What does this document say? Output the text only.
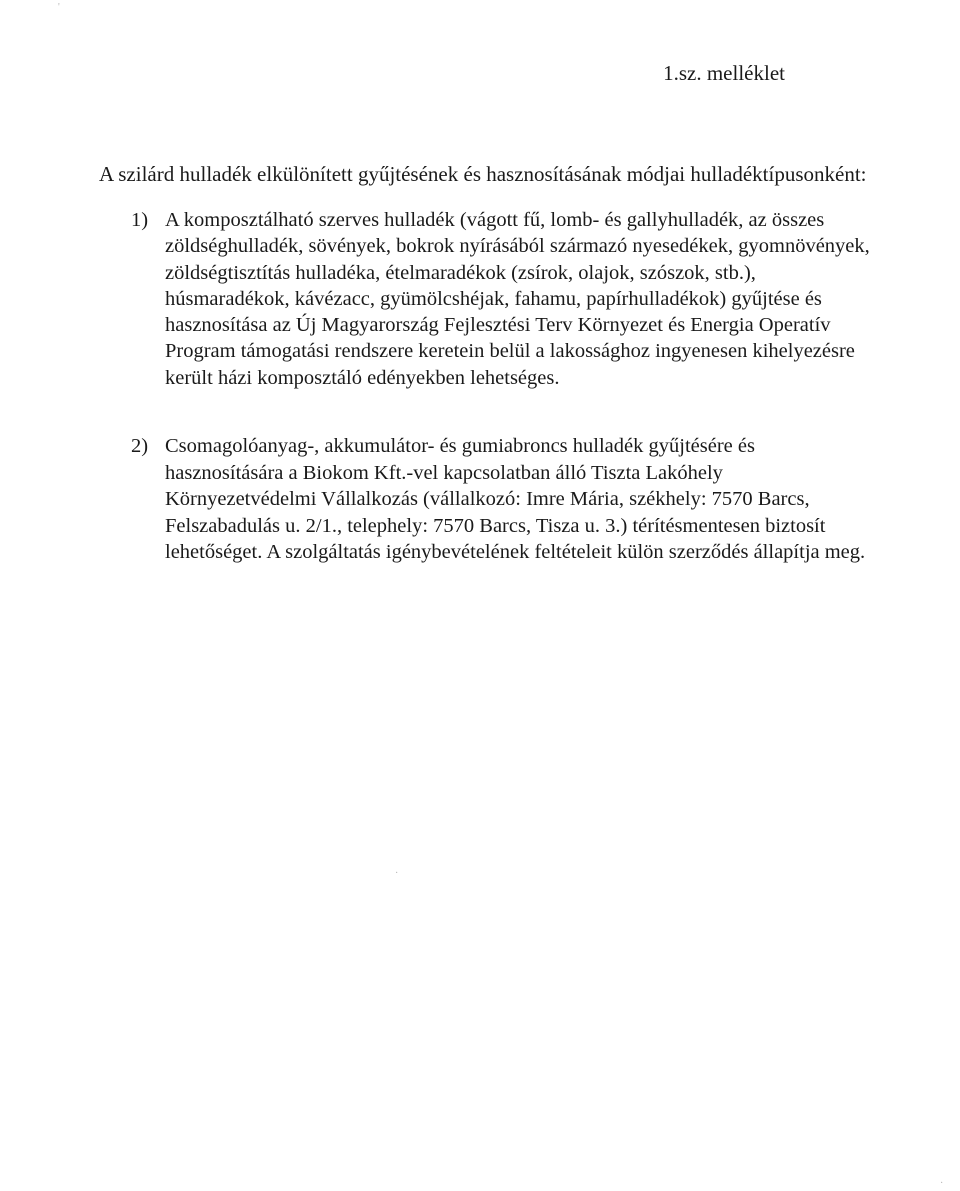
1.sz. melléklet
A szilárd hulladék elkülönített gyűjtésének és hasznosításának módjai hulladéktípusonként:
1) A komposztálható szerves hulladék (vágott fű, lomb- és gallyhulladék, az összes
zöldséghulladék, sövények, bokrok nyírásából származó nyesedékek, gyomnövények,
zöldségtisztítás hulladéka, ételmaradékok (zsírok, olajok, szószok, stb.),
húsmaradékok, kávézacc, gyümölcshéjak, fahamu, papírhulladékok) gyűjtése és
hasznosítása az Új Magyarország Fejlesztési Terv Környezet és Energia Operatív
Program támogatási rendszere keretein belül a lakossághoz ingyenesen kihelyezésre
került házi komposztáló edényekben lehetséges.
2) Csomagolóanyag-, akkumulátor- és gumiabroncs hulladék gyűjtésére és
hasznosítására a Biokom Kft.-vel kapcsolatban álló Tiszta Lakóhely
Környezetvédelmi Vállalkozás (vállalkozó: Imre Mária, székhely: 7570 Barcs,
Felszabadulás u. 2/1., telephely: 7570 Barcs, Tisza u. 3.) térítésmentesen biztosít
lehetőséget. A szolgáltatás igénybevételének feltételeit külön szerződés állapítja meg.
'
·
·
